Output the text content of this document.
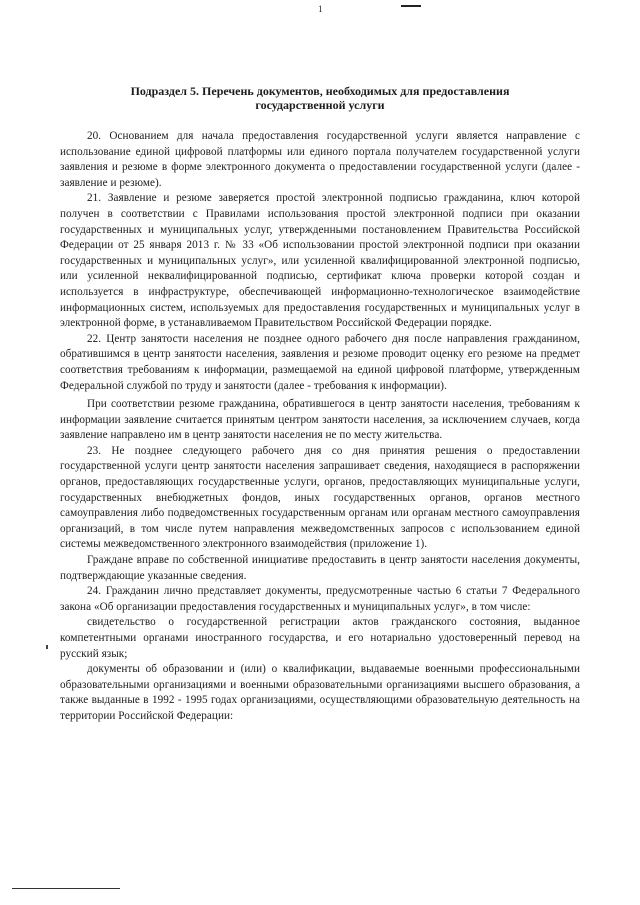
1
Подраздел 5. Перечень документов, необходимых для предоставления
государственной услуги

20. Основанием для начала предоставления государственной услуги является направление с использование единой цифровой платформы или единого портала получателем государственной услуги заявления и резюме в форме электронного документа о предоставлении государственной услуги (далее - заявление и резюме).

21. Заявление и резюме заверяется простой электронной подписью гражданина, ключ которой получен в соответствии с Правилами использования простой электронной подписи при оказании государственных и муниципальных услуг, утвержденными постановлением Правительства Российской Федерации от 25 января 2013 г. № 33 «Об использовании простой электронной подписи при оказании государственных и муниципальных услуг», или усиленной квалифицированной электронной подписью, или усиленной неквалифицированной подписью, сертификат ключа проверки которой создан и используется в инфраструктуре, обеспечивающей информационно-технологическое взаимодействие информационных систем, используемых для предоставления государственных и муниципальных услуг в электронной форме, в устанавливаемом Правительством Российской Федерации порядке.

22. Центр занятости населения не позднее одного рабочего дня после направления гражданином, обратившимся в центр занятости населения, заявления и резюме проводит оценку его резюме на предмет соответствия требованиям к информации, размещаемой на единой цифровой платформе, утвержденным Федеральной службой по труду и занятости (далее - требования к информации).

При соответствии резюме гражданина, обратившегося в центр занятости населения, требованиям к информации заявление считается принятым центром занятости населения, за исключением случаев, когда заявление направлено им в центр занятости населения не по месту жительства.

23. Не позднее следующего рабочего дня со дня принятия решения о предоставлении государственной услуги центр занятости населения запрашивает сведения, находящиеся в распоряжении органов, предоставляющих государственные услуги, органов, предоставляющих муниципальные услуги, государственных внебюджетных фондов, иных государственных органов, органов местного самоуправления либо подведомственных государственным органам или органам местного самоуправления организаций, в том числе путем направления межведомственных запросов с использованием единой системы межведомственного электронного взаимодействия (приложение 1).

Граждане вправе по собственной инициативе предоставить в центр занятости населения документы, подтверждающие указанные сведения.

24. Гражданин лично представляет документы, предусмотренные частью 6 статьи 7 Федерального закона «Об организации предоставления государственных и муниципальных услуг», в том числе:

свидетельство о государственной регистрации актов гражданского состояния, выданное компетентными органами иностранного государства, и его нотариально удостоверенный перевод на русский язык;

документы об образовании и (или) о квалификации, выдаваемые военными профессиональными образовательными организациями и военными образовательными организациями высшего образования, а также выданные в 1992 - 1995 годах организациями, осуществляющими образовательную деятельность на территории Российской Федерации:
